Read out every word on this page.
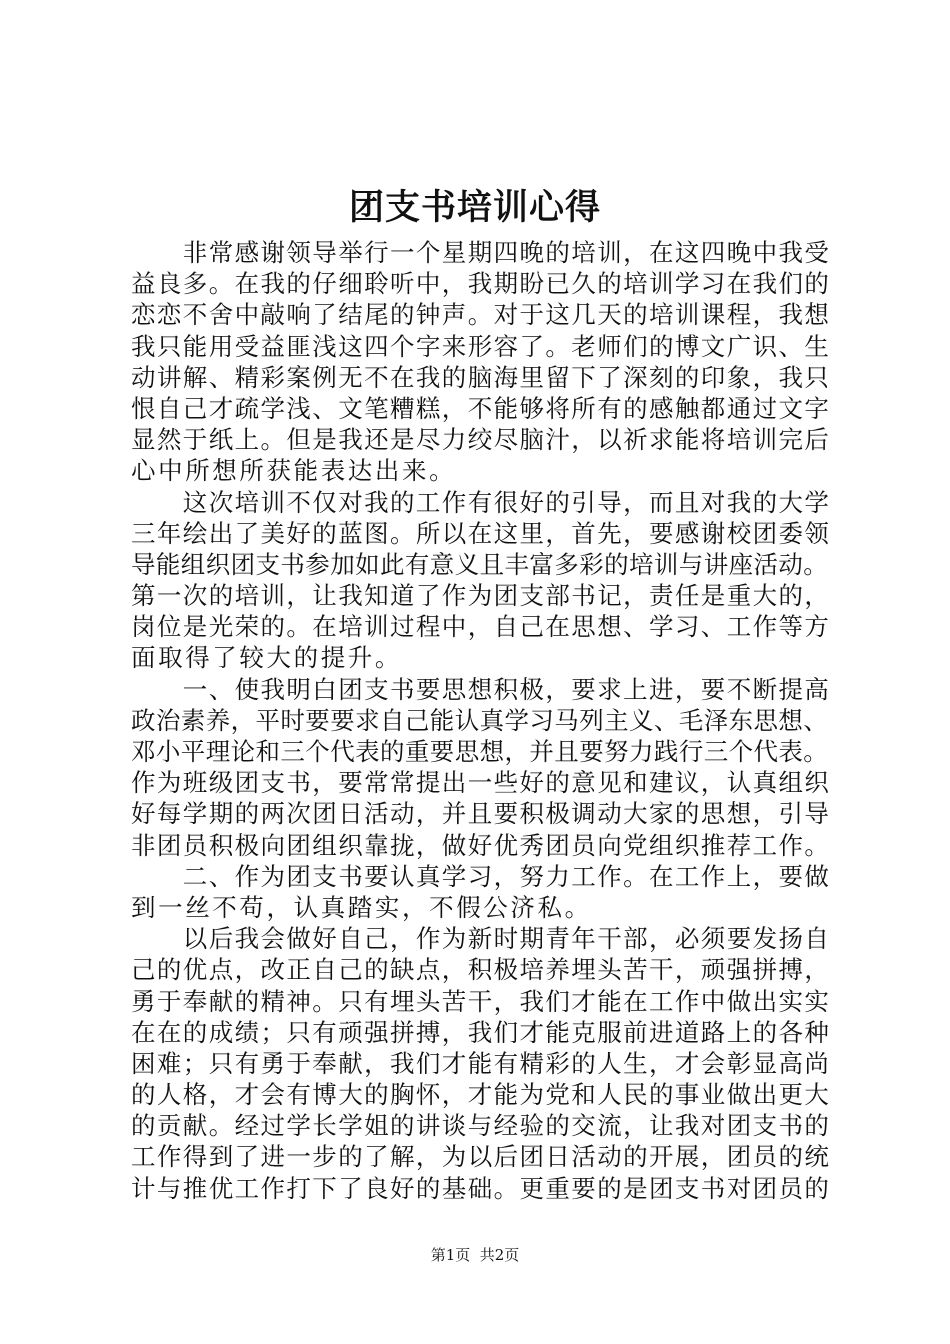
团支书培训心得
　　非常感谢领导举行一个星期四晚的培训，在这四晚中我受
益良多。在我的仔细聆听中，我期盼已久的培训学习在我们的
恋恋不舍中敲响了结尾的钟声。对于这几天的培训课程，我想
我只能用受益匪浅这四个字来形容了。老师们的博文广识、生
动讲解、精彩案例无不在我的脑海里留下了深刻的印象，我只
恨自己才疏学浅、文笔糟糕，不能够将所有的感触都通过文字
显然于纸上。但是我还是尽力绞尽脑汁，以祈求能将培训完后
心中所想所获能表达出来。
　　这次培训不仅对我的工作有很好的引导，而且对我的大学
三年绘出了美好的蓝图。所以在这里，首先，要感谢校团委领
导能组织团支书参加如此有意义且丰富多彩的培训与讲座活动。
第一次的培训，让我知道了作为团支部书记，责任是重大的，
岗位是光荣的。在培训过程中，自己在思想、学习、工作等方
面取得了较大的提升。
　　一、使我明白团支书要思想积极，要求上进，要不断提高
政治素养，平时要要求自己能认真学习马列主义、毛泽东思想、
邓小平理论和三个代表的重要思想，并且要努力践行三个代表。
作为班级团支书，要常常提出一些好的意见和建议，认真组织
好每学期的两次团日活动，并且要积极调动大家的思想，引导
非团员积极向团组织靠拢，做好优秀团员向党组织推荐工作。
　　二、作为团支书要认真学习，努力工作。在工作上，要做
到一丝不苟，认真踏实，不假公济私。
　　以后我会做好自己，作为新时期青年干部，必须要发扬自
己的优点，改正自己的缺点，积极培养埋头苦干，顽强拼搏，
勇于奉献的精神。只有埋头苦干，我们才能在工作中做出实实
在在的成绩；只有顽强拼搏，我们才能克服前进道路上的各种
困难；只有勇于奉献，我们才能有精彩的人生，才会彰显高尚
的人格，才会有博大的胸怀，才能为党和人民的事业做出更大
的贡献。经过学长学姐的讲谈与经验的交流，让我对团支书的
工作得到了进一步的了解，为以后团日活动的开展，团员的统
计与推优工作打下了良好的基础。更重要的是团支书对团员的
第1页  共2页
